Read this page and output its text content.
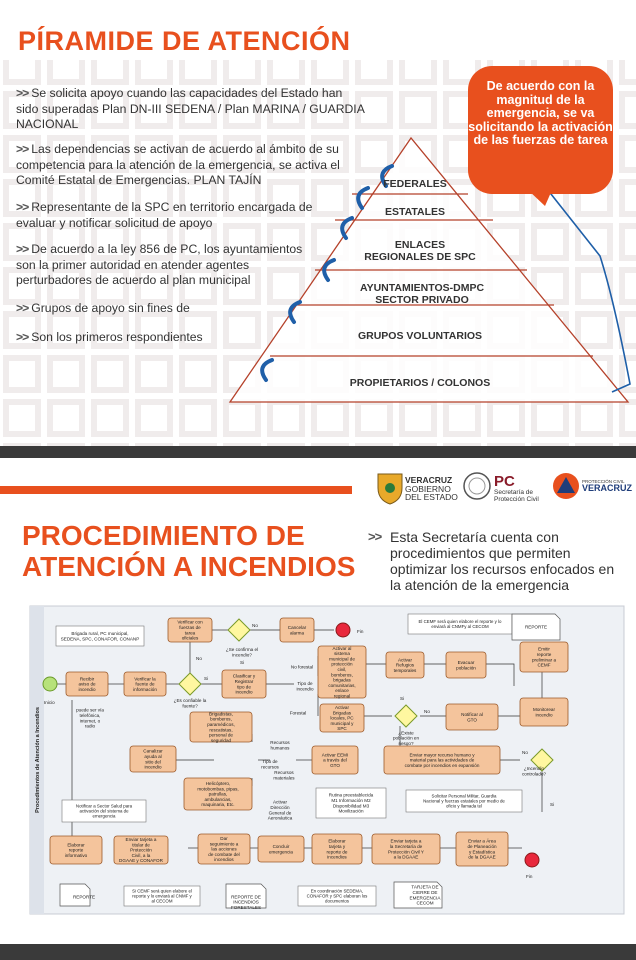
PÍRAMIDE DE ATENCIÓN
>> Se solicita apoyo cuando las capacidades del Estado han sido superadas Plan DN-III SEDENA / Plan MARINA / GUARDIA NACIONAL
>> Las dependencias se activan de acuerdo al ámbito de su competencia para la atención de la emergencia, se activa el Comité Estatal de Emergencias. PLAN TAJÍN
>> Representante de la SPC en territorio encargada de evaluar y notificar solicitud de apoyo
>> De acuerdo a la ley 856 de PC, los ayuntamientos son la primer autoridad en atender agentes perturbadores de acuerdo al plan municipal
>> Grupos de apoyo sin fines de
>> Son los primeros respondientes
De acuerdo con la magnitud de la emergencia, se va solicitando la activación de las fuerzas de tarea
FEDERALES
ESTATALES
ENLACES REGIONALES DE SPC
AYUNTAMIENTOS-DMPC SECTOR PRIVADO
GRUPOS VOLUNTARIOS
PROPIETARIOS / COLONOS
VERACRUZ
GOBIERNO
DEL ESTADO
PC
Secretaría de
Protección Civil
PROTECCIÓN CIVIL
VERACRUZ
PROCEDIMIENTO DE
ATENCIÓN A INCENDIOS
>> Esta Secretaría cuenta con procedimientos que permiten optimizar los recursos enfocados en la atención de la emergencia
Procedimientos de Atención a Incendios
Inicio
Fin
Fin
Brigada rural, PC municipal, SEDENA, SPC, CONAFOR, CONANP
Verificar con fuerzas de tarea oficiales
¿Se confirma el incendio?
No
No
Si
Cancelar alarma
Recibir aviso de incendio
Verificar la fuente de información
Si
¿Es confiable la fuente?
Clasificar y Registrar tipo de incendio
No forestal
Tipo de incendio
Forestal
Activar al sistema municipal de protección civil, bomberos, brigadas comunitarias, enlace regional
Activar Refugios temporales
Evacuar población
Emitir reporte preliminar a CEMF
El CEMF será quien elabore el reporte y lo enviará al CNMFy al CECOM	REPORTE
Activar Brigadas locales, PC municipal y SPC
¿Existe población en riesgo?
Si
No
Notificar al GTO
Monitorear incendio
puede ser vía telefónica, internet, o radio
Brigadistas, bomberos, paramédicos, rescatistas, personal de seguridad	Recursos humanos
Tipo de recursos
Recursos materiales
Canalizar ayuda al sitio del incendio
Activar EEMI a través del GTO
Enviar mayor recurso humano y material para las actividades de combate por incendios en expansión
¿Incendio controlado?
No
Si
Helicóptero, motobombas, pipas, patrullas, ambulancias, maquinaria, Etc.
Activar Dirección General de Aeronáutica
Rutina preestablecida M1 Información M2 Disponibilidad M3 Movilización
Solicitar Personal Militar, Guardia Nacional y fuerzas estatales por medio de oficio y llamada tel
Notificar a Sector Salud para activación del sistema de emergencia
Elaborar reporte informativo
Enviar tarjeta a titular de Protección Civil, a la DGAAE y CONAFOR
Dar seguimiento a las acciones de combate del incendios
Concluir emergencia
Elaborar tarjeta y reporte de incendios
Enviar tarjeta a la Secretaría de Protección Civil Y a la DGAAE
Enviar a Área de Planeación y Estadística de la DGAAE
REPORTE
Si CEMF será quien elabore el reporte y lo enviará al CNMF y al CECOM
REPORTE DE INCENDIOS FORESTALES
En coordinación SEDEMA, CONAFOR y SPC elaboran los documentos
TARJETA DE CIERRE DE EMERGENCIA CECOM
